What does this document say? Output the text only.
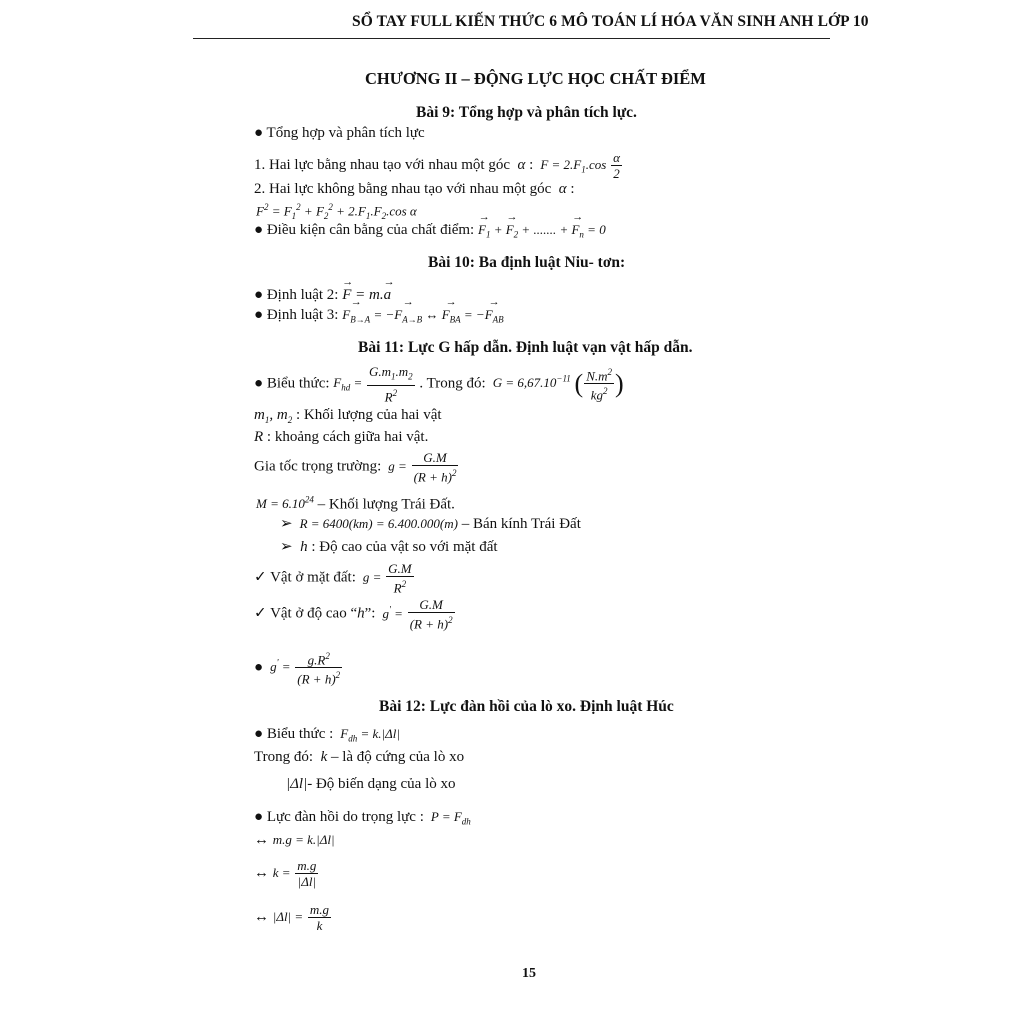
SỔ TAY FULL KIẾN THỨC 6 MÔ TOÁN LÍ HÓA VĂN SINH ANH LỚP 10
CHƯƠNG II – ĐỘNG LỰC HỌC CHẤT ĐIỂM
Bài 9: Tổng hợp và phân tích lực.
● Tổng hợp và phân tích lực
1. Hai lực bằng nhau tạo với nhau một góc  α :  $F = 2.F_1.\cos \frac{\alpha}{2}$
2. Hai lực không bằng nhau tạo với nhau một góc  α :
$F^2 = F_1^2 + F_2^2 + 2.F_1.F_2.\cos$ α
● Điều kiện cân bằng của chất điểm: → $F_1$ + → $F_2$ + ....... + → $F_n = 0$
Bài 10: Ba định luật Niu- tơn:
● Định luật 2: → F = m.→ a
● Định luật 3: → $F_{B\to A}$ = −→ $F_{A\to B}$ ↔ → $F_{BA}$ = −→ $F_{AB}$
Bài 11: Lực G hấp dẫn. Định luật vạn vật hấp dẫn.
● Biểu thức: $F_{hd} = \frac{G.m_1.m_2}{R^2}$ . Trong đó:  $G = 6,67.10^{-11}$ ( $\frac{N.m^2}{kg^2}$ )
$m_1$, $m_2$ : Khối lượng của hai vật
R : khoảng cách giữa hai vật.
Gia tốc trọng trường:  $g = \frac{G.M}{(R + h)^2}$
$M = 6.10^{24}$ – Khối lượng Trái Đất.
➢  R = 6400(km) = 6.400.000(m) – Bán kính Trái Đất
➢  h : Độ cao của vật so với mặt đất
✓ Vật ở mặt đất:  $g = \frac{G.M}{R^2}$
✓ Vật ở độ cao “h”:  $g' = \frac{G.M}{(R + h)^2}$
●  $g' = \frac{g.R^2}{(R + h)^2}$
Bài 12: Lực đàn hồi của lò xo. Định luật Húc
● Biểu thức :  $F_{dh} = k.|\Delta l|$
Trong đó:  k – là độ cứng của lò xo
|Δl|- Độ biến dạng của lò xo
● Lực đàn hồi do trọng lực :  $P = F_{dh}$
↔ m.g = k.|Δl|
↔ $k = \frac{m.g}{|\Delta l|}$
↔ $|\Delta l| = \frac{m.g}{k}$
15
